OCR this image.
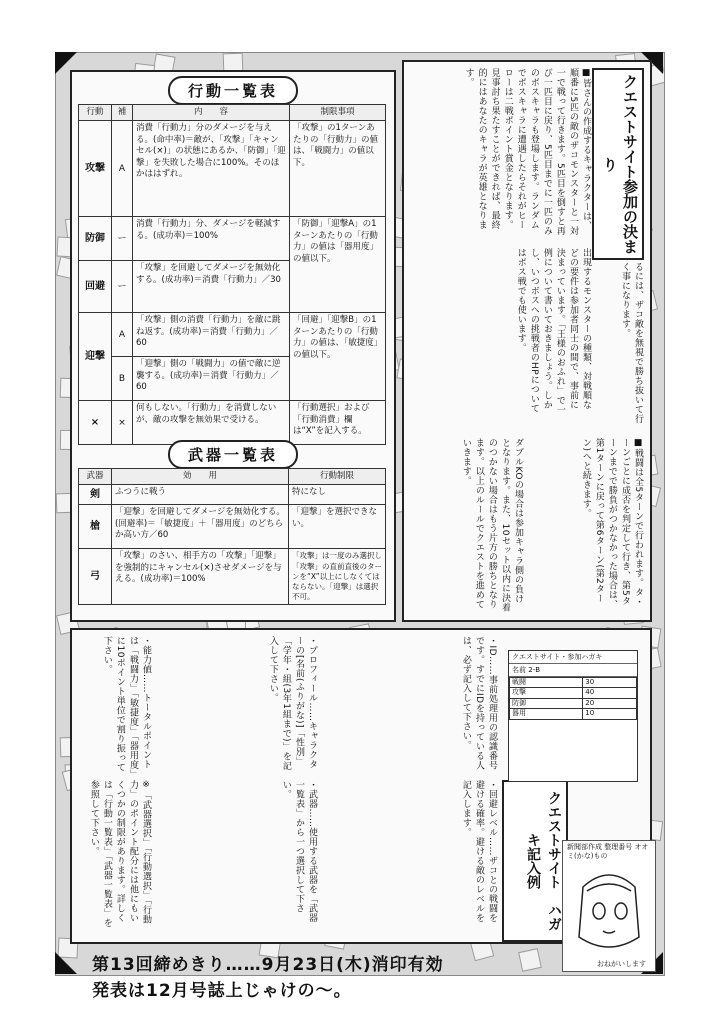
行動一覧表
行動	補	内　　容	制限事項
攻撃	A	消費「行動力」分のダメージを与える。(命中率)＝敵が、「攻撃」「キャンセル(×)」の状態にあるか、「防御」「迎撃」を失敗した場合に100%。そのほかははずれ。	「攻撃」の1ターンあたりの「行動力」の値は、「戦闘力」の値以下。
防御	ー	消費「行動力」分、ダメージを軽減する。(成功率)＝100%	「防御」「迎撃A」の1ターンあたりの「行動力」の値は「器用度」の値以下。
回避	ー	「攻撃」を回避してダメージを無効化する。(成功率)＝消費「行動力」／30	
迎撃	A	「攻撃」側の消費「行動力」を敵に跳ね返す。(成功率)＝消費「行動力」／60	「回避」「迎撃B」の1ターンあたりの「行動力」の値は、「敏捷度」の値以下。
	B	「迎撃」側の「戦闘力」の値で敵に逆襲する。(成功率)＝消費「行動力」／60	
×	×	何もしない。「行動力」を消費しないが、敵の攻撃を無効果で受ける。	「行動選択」および「行動消費」欄は“X”を記入する。
武器一覧表
武器	効　　用	行動制限
剣	ふつうに戦う	特になし
槍	「迎撃」を回避してダメージを無効化する。(回避率)＝「敏捷度」＋「器用度」のどちらか高い方／60	「迎撃」を選択できない。
弓	「攻撃」のさい、相手方の「攻撃」「迎撃」を強制的にキャンセル(×)させダメージを与える。(成功率)＝100%	「攻撃」は一度のみ選択し「攻撃」の直前直後のターンを“X”以上にしなくてはならない。「迎撃」は選択不可。
クエストサイト参加の決まり
■皆さんの作成するキャラクターは、順番に5匹の敵のザコモンスターと一対一で戦って行きます。5匹目を倒すと再び一匹目に戻り、5匹目までに一匹のみのボスキャラも登場します。ランダムでボスキャラに遭遇したらそれがヒーローは二戦ポイント賞金となります。見事討ち果たすことができれば、最終的にはあなたのキャラが英雄となります。
出現するモンスターの種類、対戦順などの要件は参加者同士の間で、事前に決まっています。「王様のおふれ」で一例について書いておきましょう。しかし、いつボスへの挑戦者のHPについてはボス戦でも使います。	るには、ザコ敵を無視で勝ち抜いて行く事になります。
■戦闘は全5ターンで行われます。タ・ーンごとに成否を判定して行き、第5ターンまでで勝負がつかなかった場合は、第1ターンに戻って第6ターン(第2ターン)へと続きます。
ダブルKOの場合は参加キャラ側の負けとなります。また、10セット以内に決着のつかない場合はもう片方の勝ちとなります。以上のルールでクエストを進めていきます。
クエストサイト　ハガキ記入例
・ID……事前処理用の認識番号です。すでにIDを持っている人は、必ず記入して下さい。
・プロフィール……キャラクターの[名前(ふりがな)]「性別」「学年・組(3年1組まで)」を記入して下さい。
・能力値……トータルポイントは「戦闘力」「敏捷度」「器用度」に10ポイント単位で割り振って下さい。
・回避レベル……ザコとの戦闘を避ける確率。避ける敵のレベルを記入します。
・武器……使用する武器を「武器一覧表」から一つ選択して下さい。
※「武器選択」「行動選択」「行動力」のポイント配分には他にもいくつかの制限があります。詳しくは「行動一覧表」「武器一覧表」を参照して下さい。
クエストサイト・参加ハガキ
名前 2-B
戦闘	30
攻撃	40
防御	20
器用	10
新聞部作成 整理番号 オオミ(かな)もの
おねがいします
第13回締めきり……9月23日(木)消印有効
発表は12月号誌上じゃけの〜。
